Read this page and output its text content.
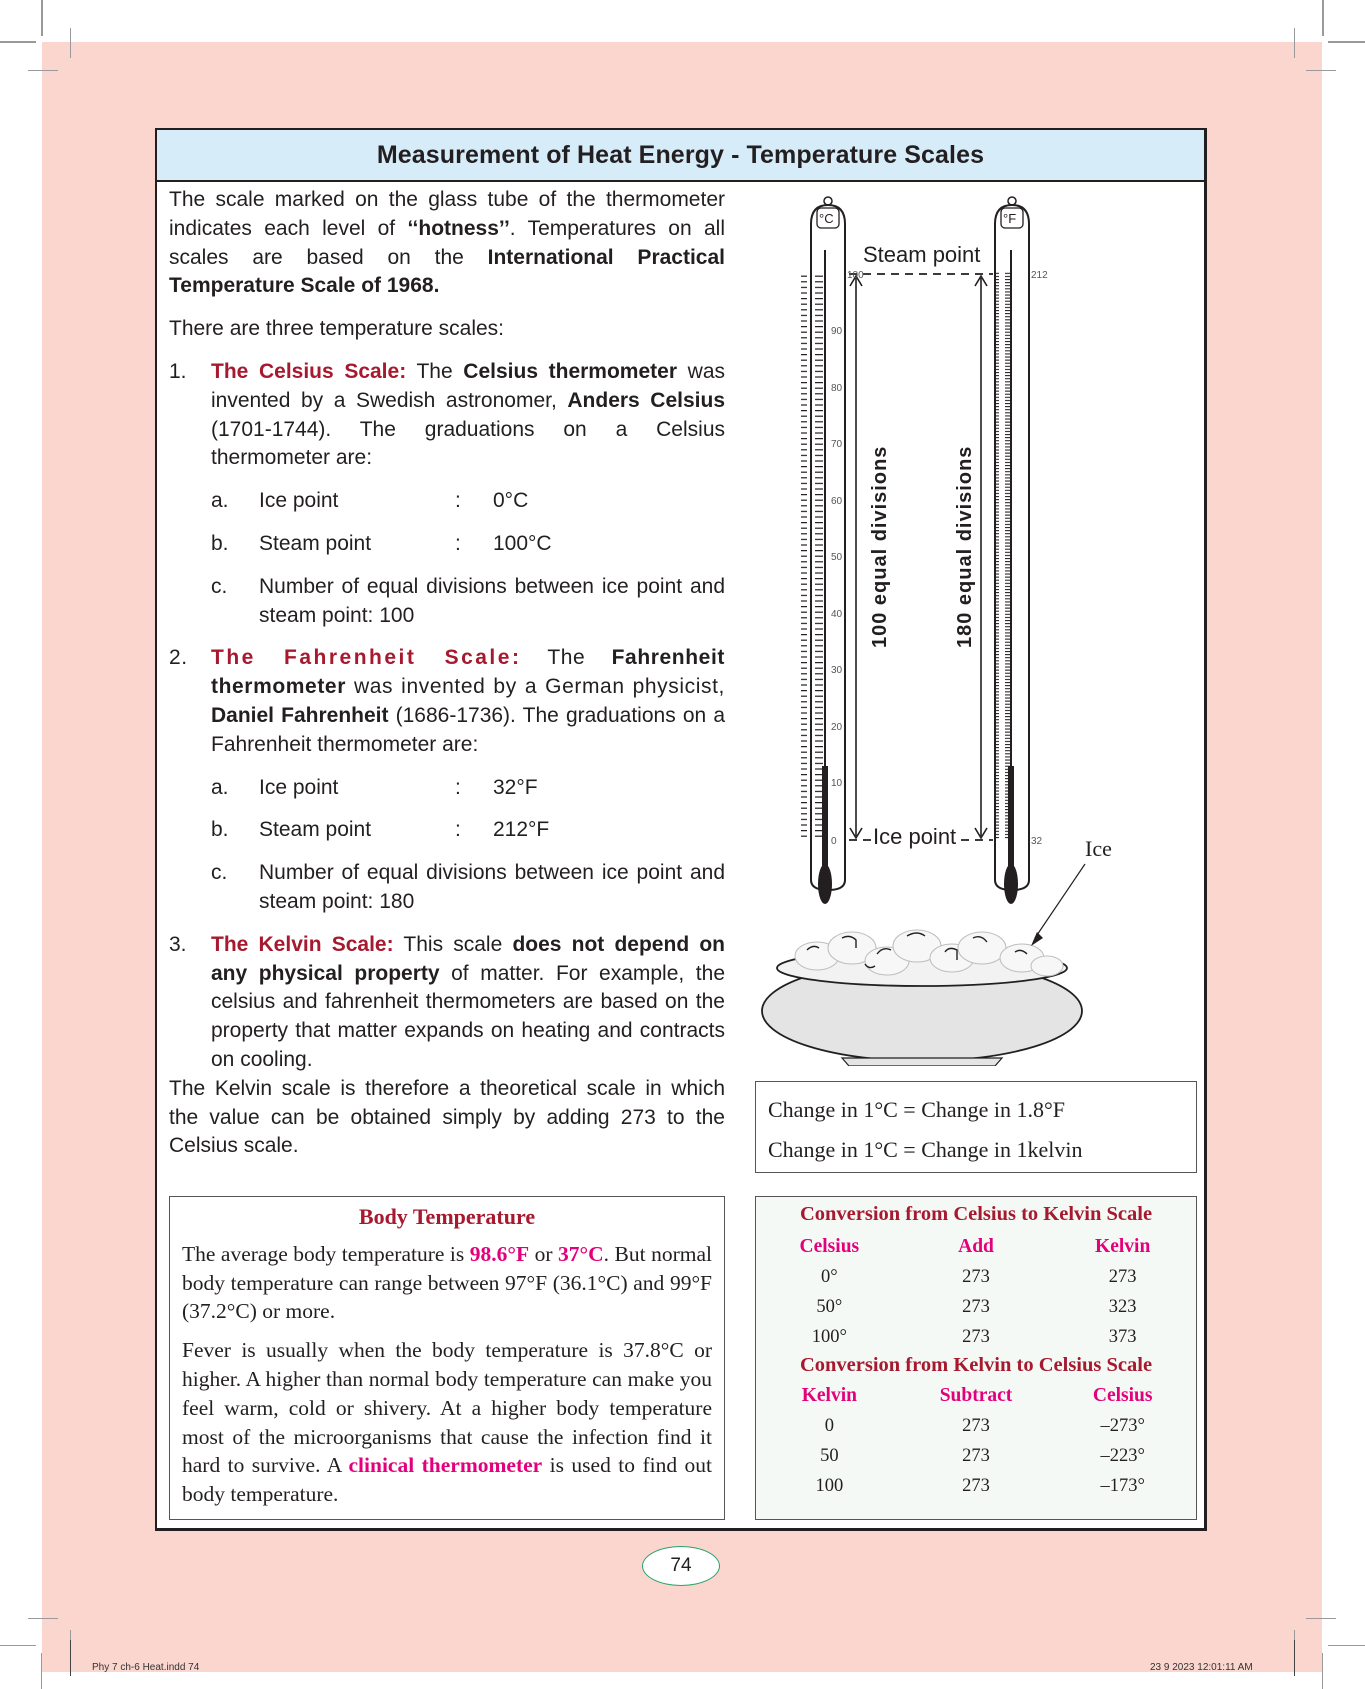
Measurement of Heat Energy - Temperature Scales

The scale marked on the glass tube of the thermometer indicates each level of ‘‘hotness’’. Temperatures on all scales are based on the International Practical Temperature Scale of 1968.

There are three temperature scales:

1.	The Celsius Scale: The Celsius thermometer was invented by a Swedish astronomer, Anders Celsius (1701-1744). The graduations on a Celsius thermometer are:
a.	Ice point	:	0°C
b.	Steam point	:	100°C
c.	Number of equal divisions between ice point and steam point: 100
2.	The Fahrenheit Scale: The Fahrenheit thermometer was invented by a German physicist, Daniel Fahrenheit (1686-1736). The graduations on a Fahrenheit thermometer are:
a.	Ice point	:	32°F
b.	Steam point	:	212°F
c.	Number of equal divisions between ice point and steam point: 180
3.	The Kelvin Scale: This scale does not depend on any physical property of matter. For example, the celsius and fahrenheit thermometers are based on the property that matter expands on heating and contracts on cooling.

The Kelvin scale is therefore a theoretical scale in which the value can be obtained simply by adding 273 to the Celsius scale.

100
90
80
70
60
50
40
30
20
10
0
212
32
°C	°F
Steam point
Ice point
100 equal divisions	180 equal divisions
Ice
Change in 1°C = Change in 1.8°F
Change in 1°C = Change in 1kelvin
Body Temperature

The average body temperature is 98.6°F or 37°C. But normal body temperature can range between 97°F (36.1°C) and 99°F (37.2°C) or more.

Fever is usually when the body temperature is 37.8°C or higher. A higher than normal body temperature can make you feel warm, cold or shivery. At a higher body temperature most of the microorganisms that cause the infection find it hard to survive. A clinical thermometer is used to find out body temperature.

Conversion from Celsius to Kelvin Scale
Celsius	Add	Kelvin
0°	273	273
50°	273	323
100°	273	373
Conversion from Kelvin to Celsius Scale
Kelvin	Subtract	Celsius
0	273	–273°
50	273	–223°
100	273	–173°
74
Phy 7 ch-6 Heat.indd 74	23 9 2023 12:01:11 AM
